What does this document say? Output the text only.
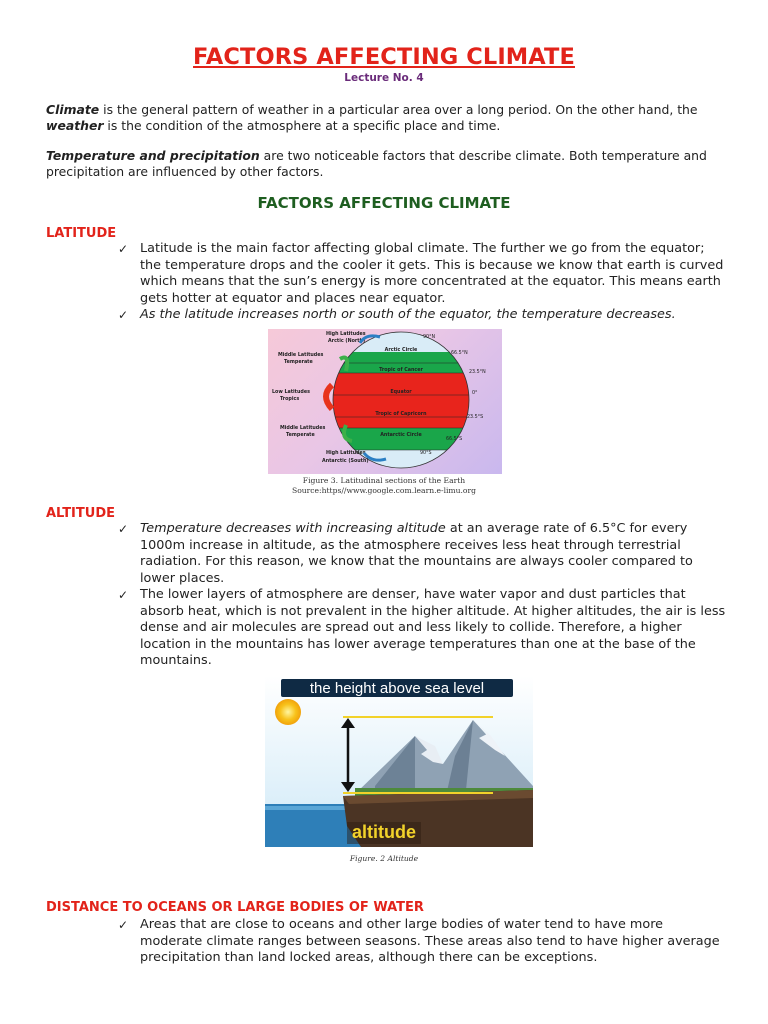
FACTORS AFFECTING CLIMATE
Lecture No. 4
Climate is the general pattern of weather in a particular area over a long period. On the other hand, the weather is the condition of the atmosphere at a specific place and time.
Temperature and precipitation are two noticeable factors that describe climate. Both temperature and precipitation are influenced by other factors.
FACTORS AFFECTING CLIMATE
LATITUDE
✓ Latitude is the main factor affecting global climate. The further we go from the equator; the temperature drops and the cooler it gets. This is because we know that earth is curved which means that the sun’s energy is more concentrated at the equator. This means earth gets hotter at equator and places near equator.
✓ As the latitude increases north or south of the equator, the temperature decreases.
Arctic Circle
Tropic of Cancer
Equator
Tropic of Capricorn
Antarctic Circle
90°N
66.5°N
23.5°N
0°
23.5°S
66.5°S
90°S
High Latitudes
Arctic (North)
Middle Latitudes
Temperate
Low Latitudes
Tropics
Middle Latitudes
Temperate
High Latitudes
Antarctic (South)
Figure 3. Latitudinal sections of the Earth
Source:https//www.google.com.learn.e-limu.org
ALTITUDE
✓ Temperature decreases with increasing altitude at an average rate of 6.5°C for every 1000m increase in altitude, as the atmosphere receives less heat through terrestrial radiation. For this reason, we know that the mountains are always cooler compared to lower places.
✓ The lower layers of atmosphere are denser, have water vapor and dust particles that absorb heat, which is not prevalent in the higher altitude. At higher altitudes, the air is less dense and air molecules are spread out and less likely to collide. Therefore, a higher location in the mountains has lower average temperatures than one at the base of the mountains.
the height above sea level
altitude
Figure. 2 Altitude
DISTANCE TO OCEANS OR LARGE BODIES OF WATER
✓ Areas that are close to oceans and other large bodies of water tend to have more moderate climate ranges between seasons. These areas also tend to have higher average precipitation than land locked areas, although there can be exceptions.
